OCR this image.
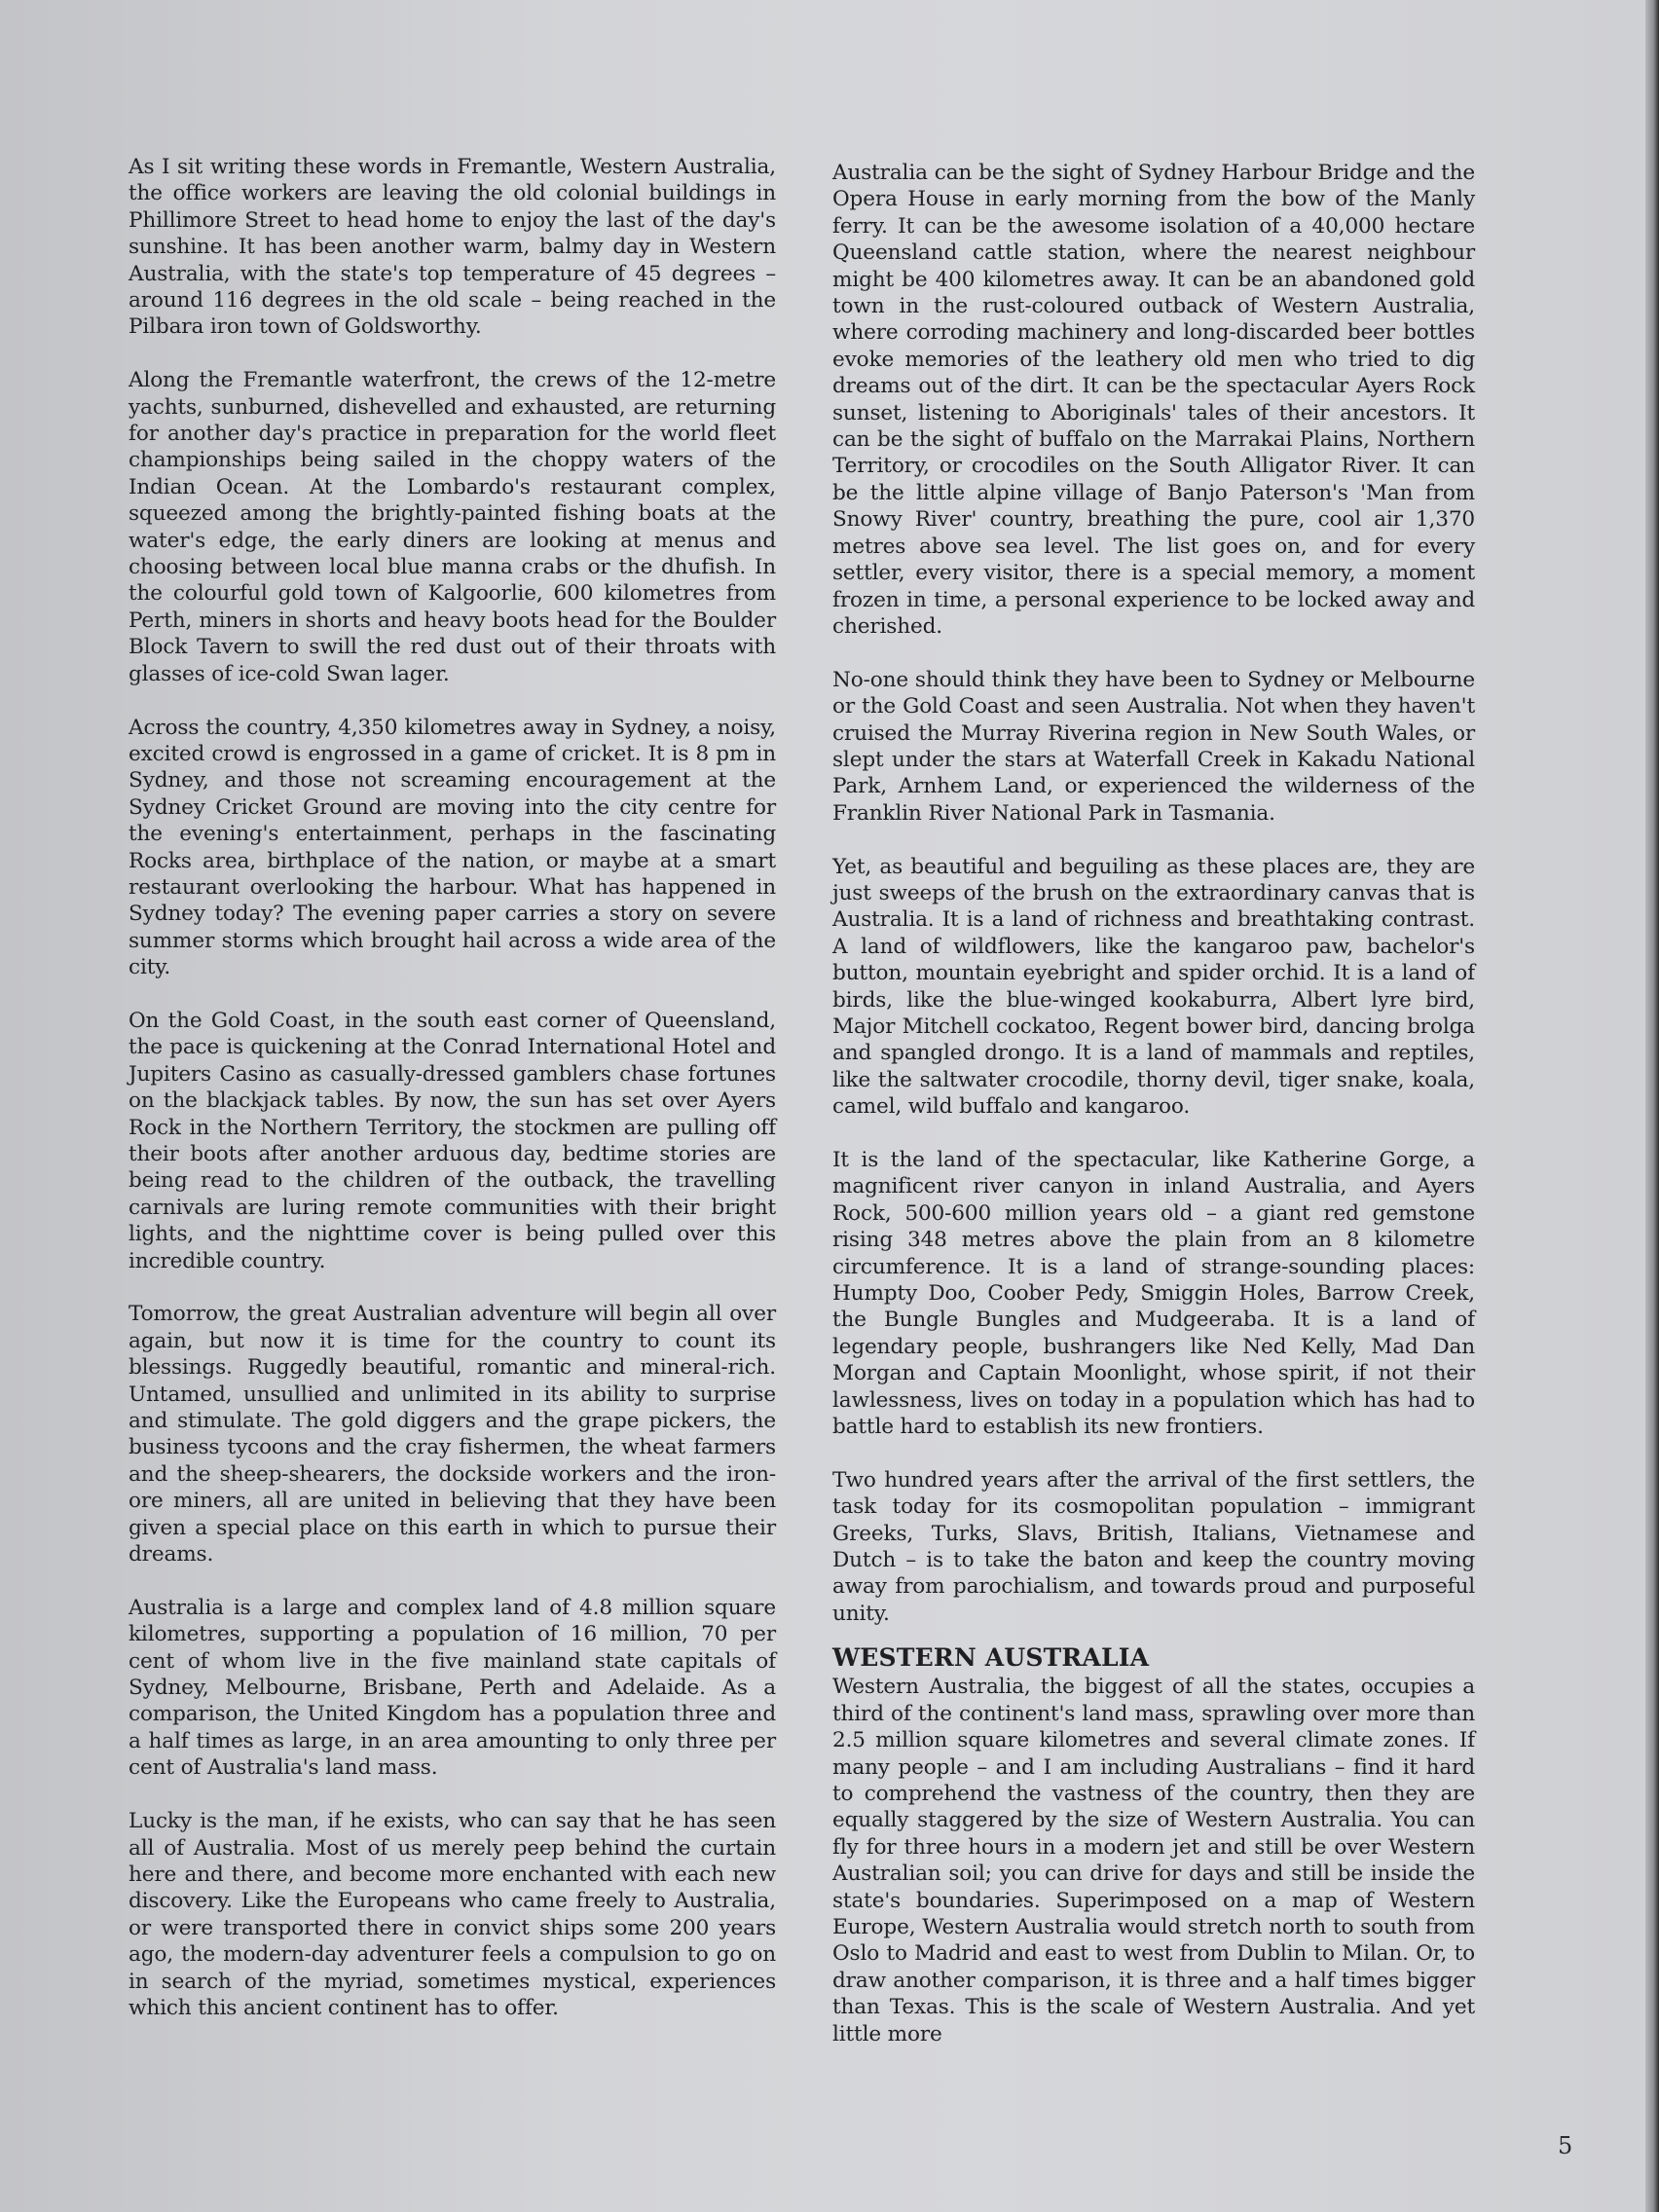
As I sit writing these words in Fremantle, Western Australia, the office workers are leaving the old colonial buildings in Phillimore Street to head home to enjoy the last of the day's sunshine. It has been another warm, balmy day in Western Australia, with the state's top temperature of 45 degrees – around 116 degrees in the old scale – being reached in the Pilbara iron town of Goldsworthy.

Along the Fremantle waterfront, the crews of the 12-metre yachts, sunburned, dishevelled and exhausted, are returning for another day's practice in preparation for the world fleet championships being sailed in the choppy waters of the Indian Ocean. At the Lombardo's restaurant complex, squeezed among the brightly-painted fishing boats at the water's edge, the early diners are looking at menus and choosing between local blue manna crabs or the dhufish. In the colourful gold town of Kalgoorlie, 600 kilometres from Perth, miners in shorts and heavy boots head for the Boulder Block Tavern to swill the red dust out of their throats with glasses of ice-cold Swan lager.

Across the country, 4,350 kilometres away in Sydney, a noisy, excited crowd is engrossed in a game of cricket. It is 8 pm in Sydney, and those not screaming encouragement at the Sydney Cricket Ground are moving into the city centre for the evening's entertainment, perhaps in the fascinating Rocks area, birthplace of the nation, or maybe at a smart restaurant overlooking the harbour. What has happened in Sydney today? The evening paper carries a story on severe summer storms which brought hail across a wide area of the city.

On the Gold Coast, in the south east corner of Queensland, the pace is quickening at the Conrad International Hotel and Jupiters Casino as casually-dressed gamblers chase fortunes on the blackjack tables. By now, the sun has set over Ayers Rock in the Northern Territory, the stockmen are pulling off their boots after another arduous day, bedtime stories are being read to the children of the outback, the travelling carnivals are luring remote communities with their bright lights, and the nighttime cover is being pulled over this incredible country.

Tomorrow, the great Australian adventure will begin all over again, but now it is time for the country to count its blessings. Ruggedly beautiful, romantic and mineral-rich. Untamed, unsullied and unlimited in its ability to surprise and stimulate. The gold diggers and the grape pickers, the business tycoons and the cray fishermen, the wheat farmers and the sheep-shearers, the dockside workers and the iron-ore miners, all are united in believing that they have been given a special place on this earth in which to pursue their dreams.

Australia is a large and complex land of 4.8 million square kilometres, supporting a population of 16 million, 70 per cent of whom live in the five mainland state capitals of Sydney, Melbourne, Brisbane, Perth and Adelaide. As a comparison, the United Kingdom has a population three and a half times as large, in an area amounting to only three per cent of Australia's land mass.

Lucky is the man, if he exists, who can say that he has seen all of Australia. Most of us merely peep behind the curtain here and there, and become more enchanted with each new discovery. Like the Europeans who came freely to Australia, or were transported there in convict ships some 200 years ago, the modern-day adventurer feels a compulsion to go on in search of the myriad, sometimes mystical, experiences which this ancient continent has to offer.

Australia can be the sight of Sydney Harbour Bridge and the Opera House in early morning from the bow of the Manly ferry. It can be the awesome isolation of a 40,000 hectare Queensland cattle station, where the nearest neighbour might be 400 kilometres away. It can be an abandoned gold town in the rust-coloured outback of Western Australia, where corroding machinery and long-discarded beer bottles evoke memories of the leathery old men who tried to dig dreams out of the dirt. It can be the spectacular Ayers Rock sunset, listening to Aboriginals' tales of their ancestors. It can be the sight of buffalo on the Marrakai Plains, Northern Territory, or crocodiles on the South Alligator River. It can be the little alpine village of Banjo Paterson's 'Man from Snowy River' country, breathing the pure, cool air 1,370 metres above sea level. The list goes on, and for every settler, every visitor, there is a special memory, a moment frozen in time, a personal experience to be locked away and cherished.

No-one should think they have been to Sydney or Melbourne or the Gold Coast and seen Australia. Not when they haven't cruised the Murray Riverina region in New South Wales, or slept under the stars at Waterfall Creek in Kakadu National Park, Arnhem Land, or experienced the wilderness of the Franklin River National Park in Tasmania.

Yet, as beautiful and beguiling as these places are, they are just sweeps of the brush on the extraordinary canvas that is Australia. It is a land of richness and breathtaking contrast. A land of wildflowers, like the kangaroo paw, bachelor's button, mountain eyebright and spider orchid. It is a land of birds, like the blue-winged kookaburra, Albert lyre bird, Major Mitchell cockatoo, Regent bower bird, dancing brolga and spangled drongo. It is a land of mammals and reptiles, like the saltwater crocodile, thorny devil, tiger snake, koala, camel, wild buffalo and kangaroo.

It is the land of the spectacular, like Katherine Gorge, a magnificent river canyon in inland Australia, and Ayers Rock, 500-600 million years old – a giant red gemstone rising 348 metres above the plain from an 8 kilometre circumference. It is a land of strange-sounding places: Humpty Doo, Coober Pedy, Smiggin Holes, Barrow Creek, the Bungle Bungles and Mudgeeraba. It is a land of legendary people, bushrangers like Ned Kelly, Mad Dan Morgan and Captain Moonlight, whose spirit, if not their lawlessness, lives on today in a population which has had to battle hard to establish its new frontiers.

Two hundred years after the arrival of the first settlers, the task today for its cosmopolitan population – immigrant Greeks, Turks, Slavs, British, Italians, Vietnamese and Dutch – is to take the baton and keep the country moving away from parochialism, and towards proud and purposeful unity.

WESTERN AUSTRALIA

Western Australia, the biggest of all the states, occupies a third of the continent's land mass, sprawling over more than 2.5 million square kilometres and several climate zones. If many people – and I am including Australians – find it hard to comprehend the vastness of the country, then they are equally staggered by the size of Western Australia. You can fly for three hours in a modern jet and still be over Western Australian soil; you can drive for days and still be inside the state's boundaries. Superimposed on a map of Western Europe, Western Australia would stretch north to south from Oslo to Madrid and east to west from Dublin to Milan. Or, to draw another comparison, it is three and a half times bigger than Texas. This is the scale of Western Australia. And yet little more

5
